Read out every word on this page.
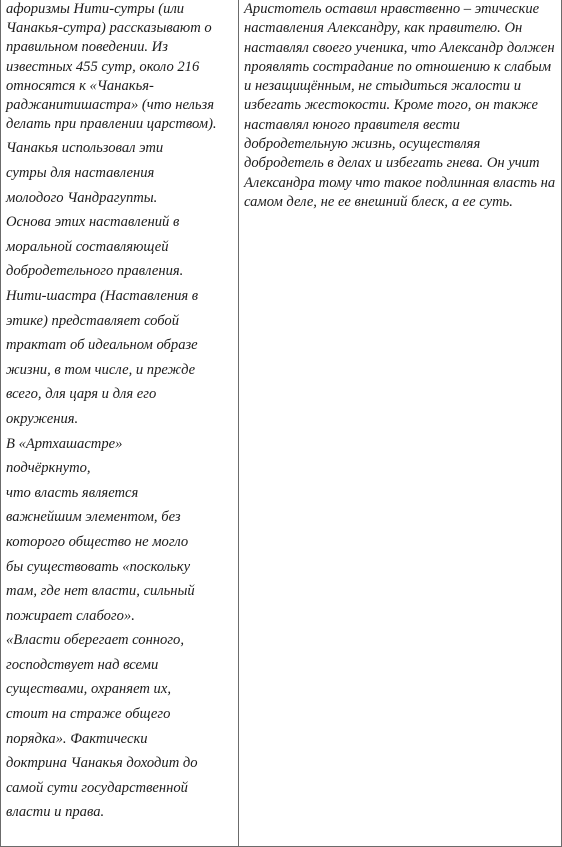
афоризмы Нити-сутры (или Чанакья-сутра) рассказывают о правильном поведении. Из известных 455 сутр, около 216 относятся к «Чанакья-раджанитишастра» (что нельзя делать при правлении царством).

Чанакья использовал эти

сутры для наставления

молодого Чандрагупты.

Основа этих наставлений в

моральной составляющей

добродетельного правления.

Нити-шастра (Наставления в

этике) представляет собой

трактат об идеальном образе

жизни, в том числе, и прежде

всего, для царя и для его

окружения.

В «Артхашастре»

подчёркнуто,

что власть является

важнейшим элементом, без

которого общество не могло

бы существовать «поскольку

там, где нет власти, сильный

пожирает слабого».

«Власти оберегает сонного,

господствует над всеми

существами, охраняет их,

стоит на страже общего

порядка». Фактически

доктрина Чанакья доходит до

самой сути государственной

власти и права.

Аристотель оставил нравственно – этические наставления Александру, как правителю. Он наставлял своего ученика, что Александр должен проявлять сострадание по отношению к слабым и незащищённым, не стыдиться жалости и избегать жестокости. Кроме того, он также наставлял юного правителя вести добродетельную жизнь, осуществляя добродетель в делах и избегать гнева. Он учит Александра тому что такое подлинная власть на самом деле, не ее внешний блеск, а ее суть.
